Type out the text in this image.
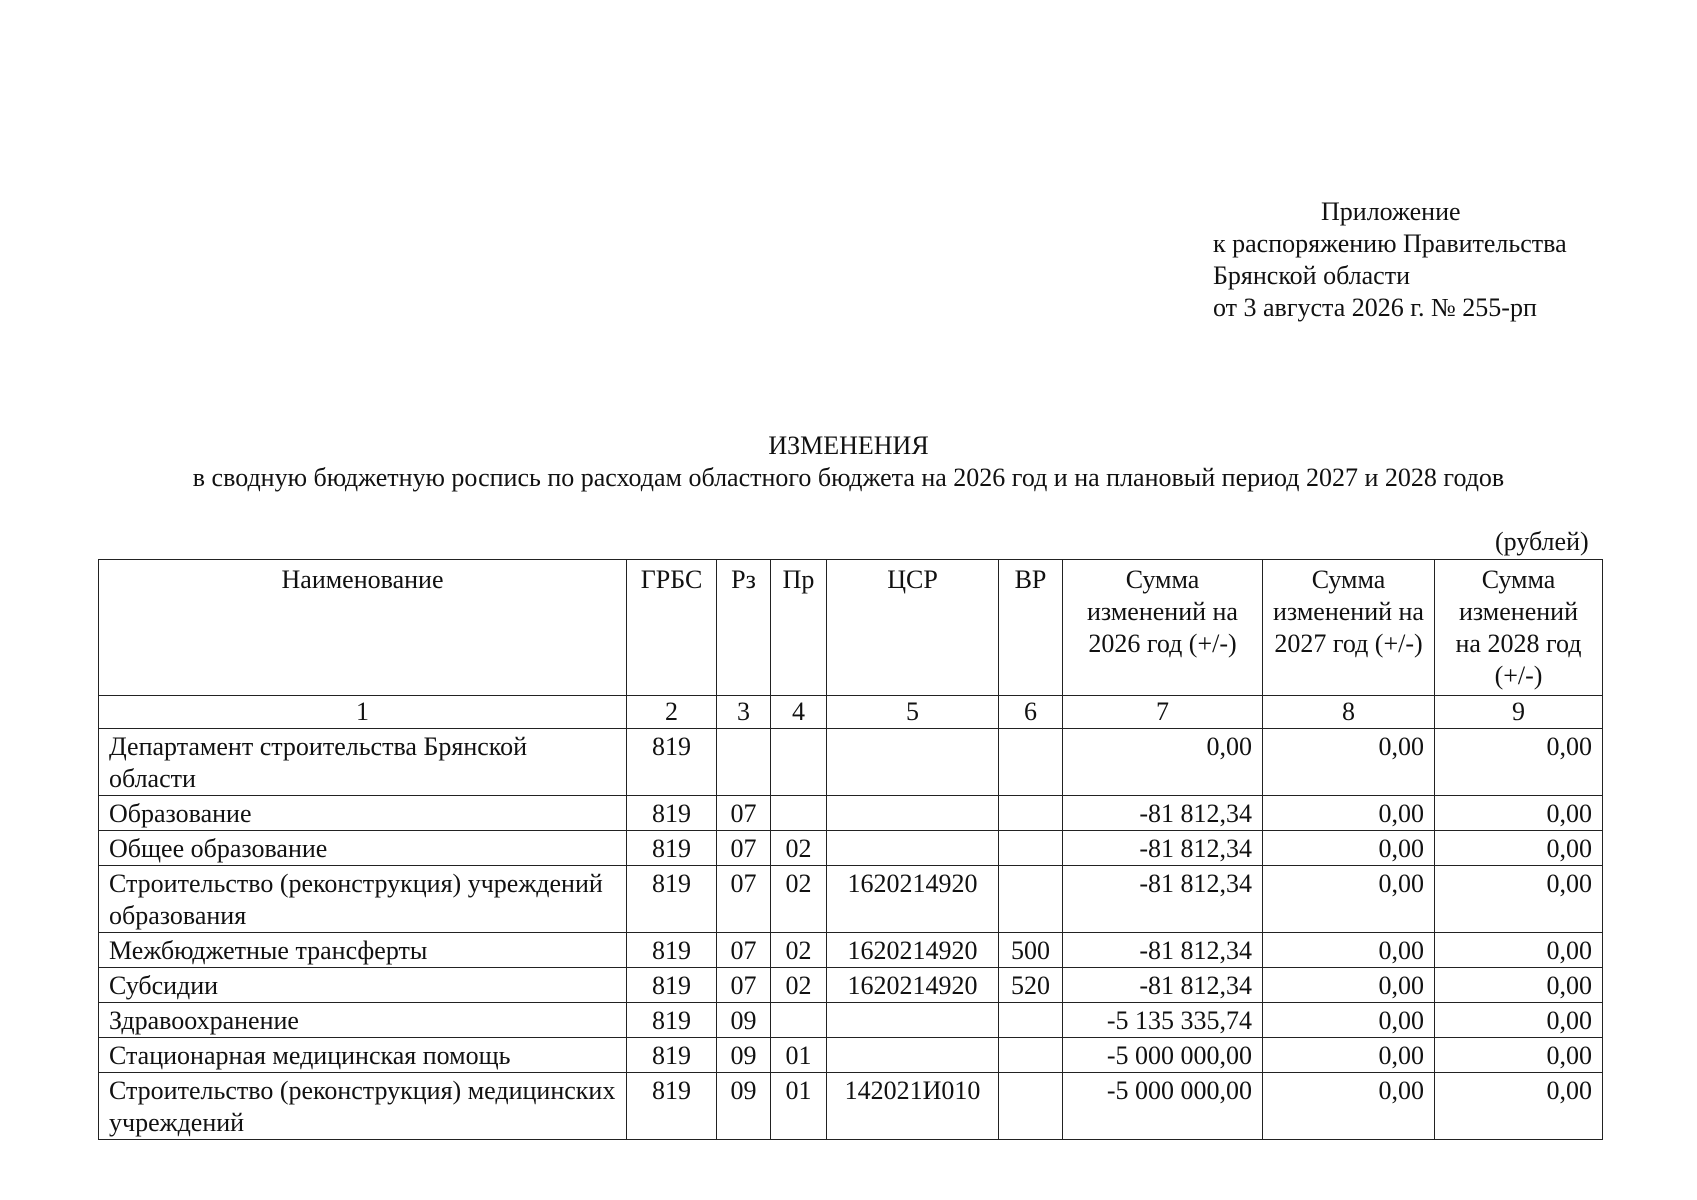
Приложение
к распоряжению Правительства
Брянской области
от 3 августа 2026 г. № 255-рп
ИЗМЕНЕНИЯ
в сводную бюджетную роспись по расходам областного бюджета на 2026 год и на плановый период 2027 и 2028 годов
(рублей)
Наименование	ГРБС	Рз	Пр	ЦСР	ВР	Сумма изменений на 2026 год (+/-)	Сумма изменений на 2027 год (+/-)	Сумма изменений на 2028 год (+/-)
1	2	3	4	5	6	7	8	9
Департамент строительства Брянской области	819					0,00	0,00	0,00
Образование	819	07				-81 812,34	0,00	0,00
Общее образование	819	07	02			-81 812,34	0,00	0,00
Строительство (реконструкция) учреждений образования	819	07	02	1620214920		-81 812,34	0,00	0,00
Межбюджетные трансферты	819	07	02	1620214920	500	-81 812,34	0,00	0,00
Субсидии	819	07	02	1620214920	520	-81 812,34	0,00	0,00
Здравоохранение	819	09				-5 135 335,74	0,00	0,00
Стационарная медицинская помощь	819	09	01			-5 000 000,00	0,00	0,00
Строительство (реконструкция) медицинских учреждений	819	09	01	142021И010		-5 000 000,00	0,00	0,00
